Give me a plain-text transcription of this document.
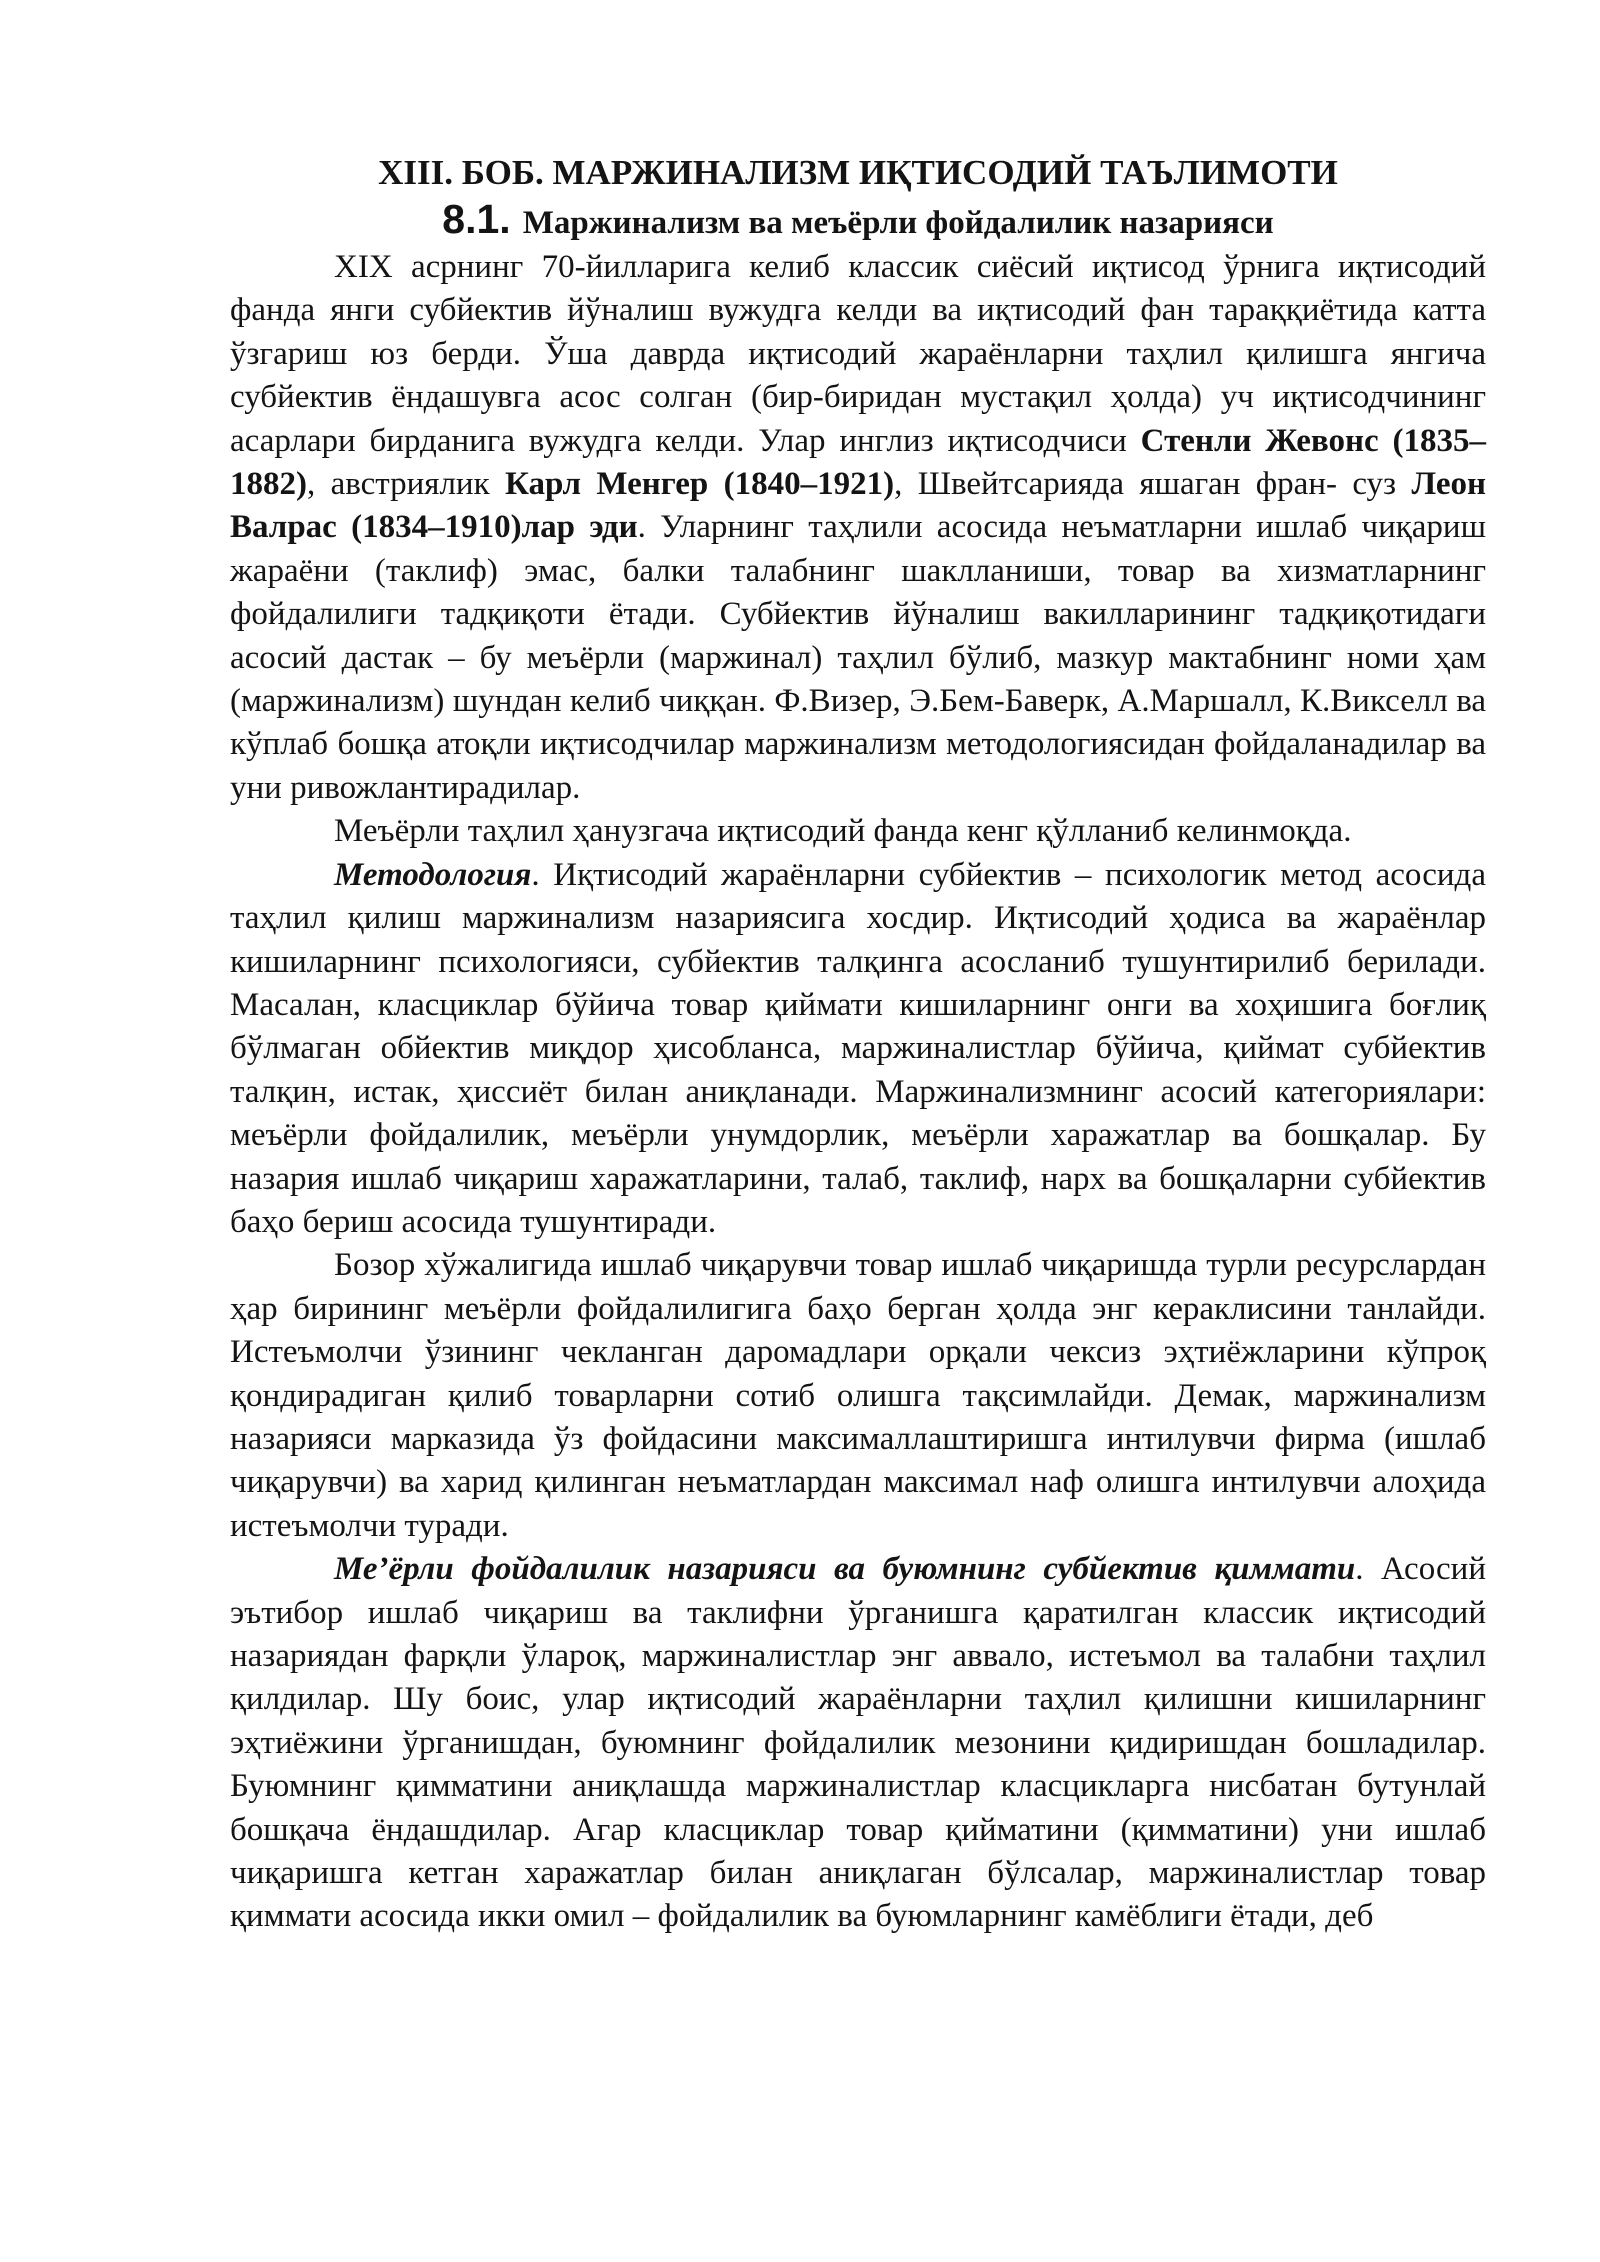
XIII. БОБ. МАРЖИНАЛИЗМ ИҚТИСОДИЙ ТАЪЛИМОТИ
8.1. Маржинализм ва меъёрли фойдалилик назарияси

XIX асрнинг 70-йилларига келиб классик сиёсий иқтисод ўрнига иқтисодий фанда янги субйектив йўналиш вужудга келди ва иқтисодий фан тараққиётида катта ўзгариш юз берди. Ўша даврда иқтисодий жараёнларни таҳлил қилишга янгича субйектив ёндашувга асос солган (бир-биридан мустақил ҳолда) уч иқтисодчининг асарлари бирданига вужудга келди. Улар инглиз иқтисодчиси Стенли Жевонс (1835–1882), австриялик Карл Менгер (1840–1921), Швейтсарияда яшаган фран- суз Леон Валрас (1834–1910)лар эди. Уларнинг таҳлили асосида неъматларни ишлаб чиқариш жараёни (таклиф) эмас, балки талабнинг шаклланиши, товар ва хизматларнинг фойдалилиги тадқиқоти ётади. Субйектив йўналиш вакилларининг тадқиқотидаги асосий дастак – бу меъёрли (маржинал) таҳлил бўлиб, мазкур мактабнинг номи ҳам (маржинализм) шундан келиб чиққан. Ф.Визер, Э.Бем-Баверк, А.Маршалл, К.Викселл ва кўплаб бошқа атоқли иқтисодчилар маржинализм методологиясидан фойдаланадилар ва уни ривожлантирадилар.

Меъёрли таҳлил ҳанузгача иқтисодий фанда кенг қўлланиб келинмоқда.

Методология. Иқтисодий жараёнларни субйектив – психологик метод асосида таҳлил қилиш маржинализм назариясига хосдир. Иқтисодий ҳодиса ва жараёнлар кишиларнинг психологияси, субйектив талқинга асосланиб тушунтирилиб берилади. Масалан, класциклар бўйича товар қиймати кишиларнинг онги ва хоҳишига боғлиқ бўлмаган обйектив миқдор ҳисобланса, маржиналистлар бўйича, қиймат субйектив талқин, истак, ҳиссиёт билан аниқланади. Маржинализмнинг асосий категориялари: меъёрли фойдалилик, меъёрли унумдорлик, меъёрли харажатлар ва бошқалар. Бу назария ишлаб чиқариш харажатларини, талаб, таклиф, нарх ва бошқаларни субйектив баҳо бериш асосида тушунтиради.

Бозор хўжалигида ишлаб чиқарувчи товар ишлаб чиқаришда турли ресурслардан ҳар бирининг меъёрли фойдалилигига баҳо берган ҳолда энг кераклисини танлайди. Истеъмолчи ўзининг чекланган даромадлари орқали чексиз эҳтиёжларини кўпроқ қондирадиган қилиб товарларни сотиб олишга тақсимлайди. Демак, маржинализм назарияси марказида ўз фойдасини максималлаштиришга интилувчи фирма (ишлаб чиқарувчи) ва харид қилинган неъматлардан максимал наф олишга интилувчи алоҳида истеъмолчи туради.

Ме’ёрли фойдалилик назарияси ва буюмнинг субйектив қиммати. Асосий эътибор ишлаб чиқариш ва таклифни ўрганишга қаратилган классик иқтисодий назариядан фарқли ўлароқ, маржиналистлар энг аввало, истеъмол ва талабни таҳлил қилдилар. Шу боис, улар иқтисодий жараёнларни таҳлил қилишни кишиларнинг эҳтиёжини ўрганишдан, буюмнинг фойдалилик мезонини қидиришдан бошладилар. Буюмнинг қимматини аниқлашда маржиналистлар класцикларга нисбатан бутунлай бошқача ёндашдилар. Агар класциклар товар қийматини (қимматини) уни ишлаб чиқаришга кетган харажатлар билан аниқлаган бўлсалар, маржиналистлар товар қиммати асосида икки омил – фойдалилик ва буюмларнинг камёблиги ётади, деб
